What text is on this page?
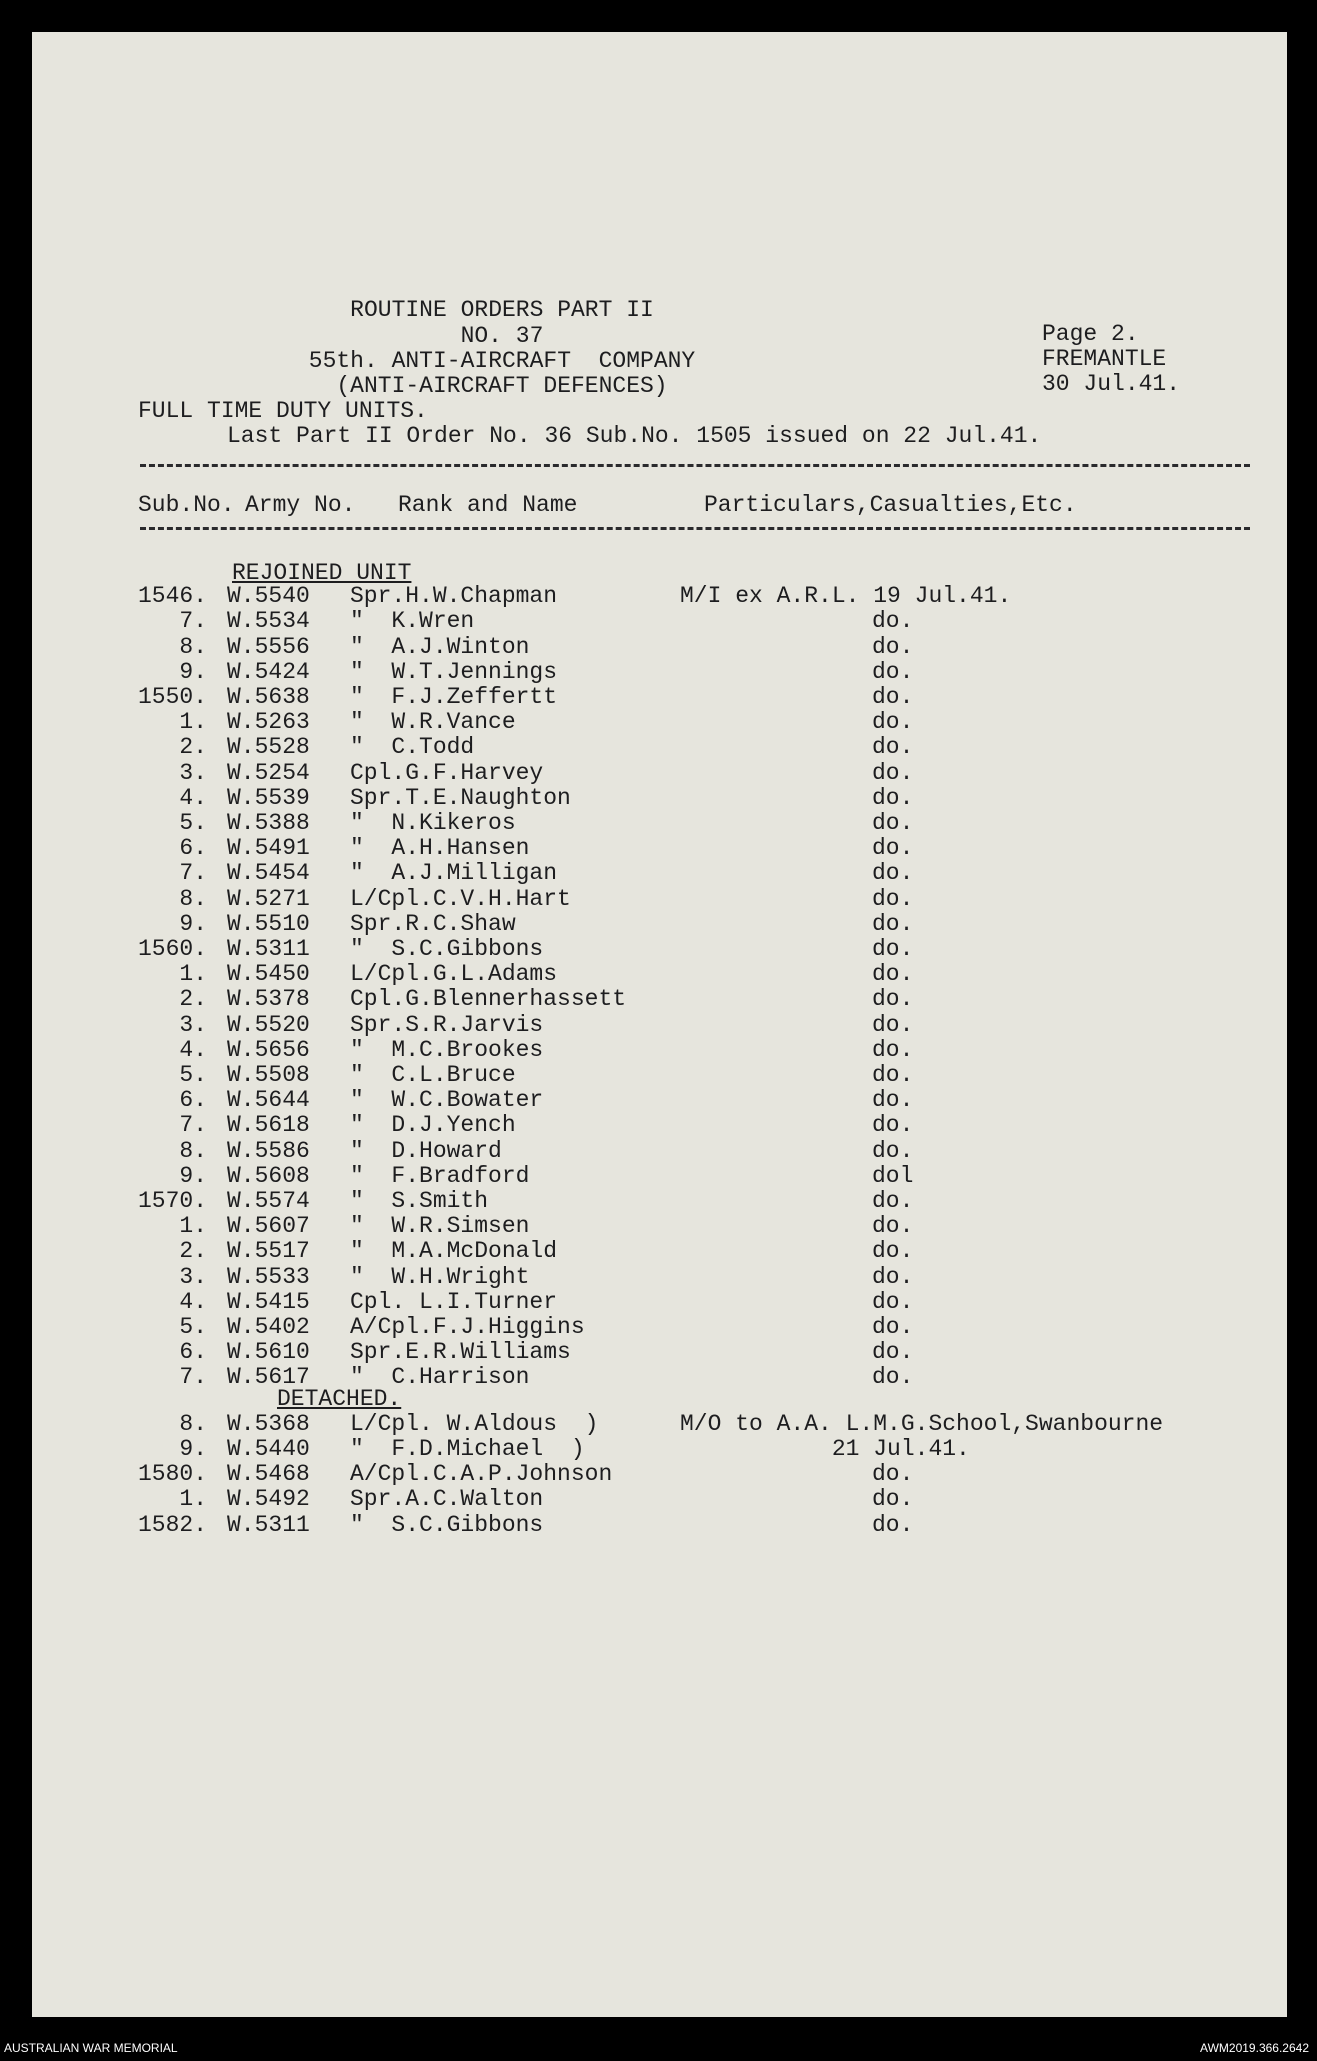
ROUTINE ORDERS PART II
NO. 37
55th. ANTI-AIRCRAFT  COMPANY
(ANTI-AIRCRAFT DEFENCES)
Page 2.
FREMANTLE
30 Jul.41.
FULL TIME DUTY UNITS.
Last Part II Order No. 36 Sub.No. 1505 issued on 22 Jul.41.
Sub.No. Army No. Rank and Name	Particulars,Casualties,Etc.
REJOINED UNIT
1546. W.5540 Spr.H.W.Chapman	M/I ex A.R.L. 19 Jul.41.
7. W.5534 "  K.Wren	do.
8. W.5556 "  A.J.Winton	do.
9. W.5424 "  W.T.Jennings	do.
1550. W.5638 "  F.J.Zeffertt	do.
1. W.5263 "  W.R.Vance	do.
2. W.5528 "  C.Todd	do.
3. W.5254 Cpl.G.F.Harvey	do.
4. W.5539 Spr.T.E.Naughton	do.
5. W.5388 "  N.Kikeros	do.
6. W.5491 "  A.H.Hansen	do.
7. W.5454 "  A.J.Milligan	do.
8. W.5271 L/Cpl.C.V.H.Hart	do.
9. W.5510 Spr.R.C.Shaw	do.
1560. W.5311 "  S.C.Gibbons	do.
1. W.5450 L/Cpl.G.L.Adams	do.
2. W.5378 Cpl.G.Blennerhassett	do.
3. W.5520 Spr.S.R.Jarvis	do.
4. W.5656 "  M.C.Brookes	do.
5. W.5508 "  C.L.Bruce	do.
6. W.5644 "  W.C.Bowater	do.
7. W.5618 "  D.J.Yench	do.
8. W.5586 "  D.Howard	do.
9. W.5608 "  F.Bradford	dol
1570. W.5574 "  S.Smith	do.
1. W.5607 "  W.R.Simsen	do.
2. W.5517 "  M.A.McDonald	do.
3. W.5533 "  W.H.Wright	do.
4. W.5415 Cpl. L.I.Turner	do.
5. W.5402 A/Cpl.F.J.Higgins	do.
6. W.5610 Spr.E.R.Williams	do.
7. W.5617 "  C.Harrison	do.
DETACHED.
8. W.5368 L/Cpl. W.Aldous  )	M/O to A.A. L.M.G.School,Swanbourne
9. W.5440 "  F.D.Michael  )	21 Jul.41.
1580. W.5468 A/Cpl.C.A.P.Johnson	do.
1. W.5492 Spr.A.C.Walton	do.
1582. W.5311 "  S.C.Gibbons	do.
AUSTRALIAN WAR MEMORIAL	AWM2019.366.2642
